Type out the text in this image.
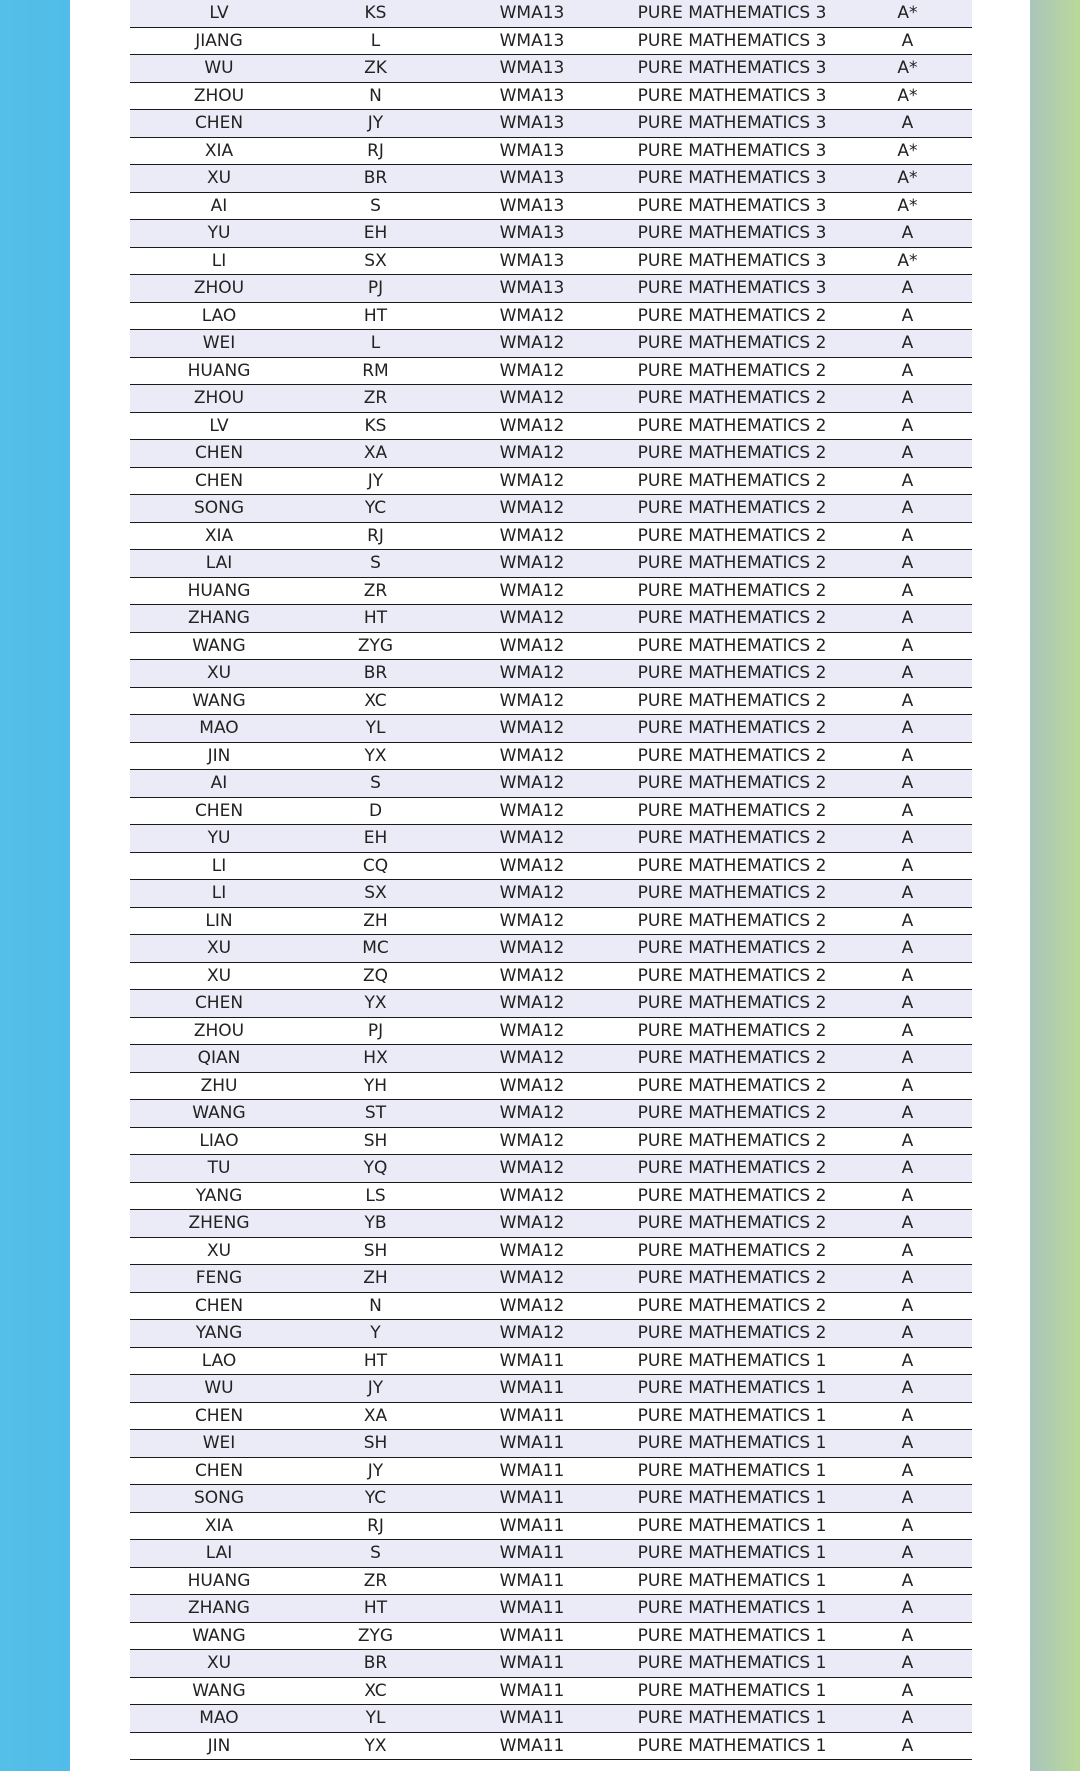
LV	KS	WMA13	PURE MATHEMATICS 3	A*
JIANG	L	WMA13	PURE MATHEMATICS 3	A
WU	ZK	WMA13	PURE MATHEMATICS 3	A*
ZHOU	N	WMA13	PURE MATHEMATICS 3	A*
CHEN	JY	WMA13	PURE MATHEMATICS 3	A
XIA	RJ	WMA13	PURE MATHEMATICS 3	A*
XU	BR	WMA13	PURE MATHEMATICS 3	A*
AI	S	WMA13	PURE MATHEMATICS 3	A*
YU	EH	WMA13	PURE MATHEMATICS 3	A
LI	SX	WMA13	PURE MATHEMATICS 3	A*
ZHOU	PJ	WMA13	PURE MATHEMATICS 3	A
LAO	HT	WMA12	PURE MATHEMATICS 2	A
WEI	L	WMA12	PURE MATHEMATICS 2	A
HUANG	RM	WMA12	PURE MATHEMATICS 2	A
ZHOU	ZR	WMA12	PURE MATHEMATICS 2	A
LV	KS	WMA12	PURE MATHEMATICS 2	A
CHEN	XA	WMA12	PURE MATHEMATICS 2	A
CHEN	JY	WMA12	PURE MATHEMATICS 2	A
SONG	YC	WMA12	PURE MATHEMATICS 2	A
XIA	RJ	WMA12	PURE MATHEMATICS 2	A
LAI	S	WMA12	PURE MATHEMATICS 2	A
HUANG	ZR	WMA12	PURE MATHEMATICS 2	A
ZHANG	HT	WMA12	PURE MATHEMATICS 2	A
WANG	ZYG	WMA12	PURE MATHEMATICS 2	A
XU	BR	WMA12	PURE MATHEMATICS 2	A
WANG	XC	WMA12	PURE MATHEMATICS 2	A
MAO	YL	WMA12	PURE MATHEMATICS 2	A
JIN	YX	WMA12	PURE MATHEMATICS 2	A
AI	S	WMA12	PURE MATHEMATICS 2	A
CHEN	D	WMA12	PURE MATHEMATICS 2	A
YU	EH	WMA12	PURE MATHEMATICS 2	A
LI	CQ	WMA12	PURE MATHEMATICS 2	A
LI	SX	WMA12	PURE MATHEMATICS 2	A
LIN	ZH	WMA12	PURE MATHEMATICS 2	A
XU	MC	WMA12	PURE MATHEMATICS 2	A
XU	ZQ	WMA12	PURE MATHEMATICS 2	A
CHEN	YX	WMA12	PURE MATHEMATICS 2	A
ZHOU	PJ	WMA12	PURE MATHEMATICS 2	A
QIAN	HX	WMA12	PURE MATHEMATICS 2	A
ZHU	YH	WMA12	PURE MATHEMATICS 2	A
WANG	ST	WMA12	PURE MATHEMATICS 2	A
LIAO	SH	WMA12	PURE MATHEMATICS 2	A
TU	YQ	WMA12	PURE MATHEMATICS 2	A
YANG	LS	WMA12	PURE MATHEMATICS 2	A
ZHENG	YB	WMA12	PURE MATHEMATICS 2	A
XU	SH	WMA12	PURE MATHEMATICS 2	A
FENG	ZH	WMA12	PURE MATHEMATICS 2	A
CHEN	N	WMA12	PURE MATHEMATICS 2	A
YANG	Y	WMA12	PURE MATHEMATICS 2	A
LAO	HT	WMA11	PURE MATHEMATICS 1	A
WU	JY	WMA11	PURE MATHEMATICS 1	A
CHEN	XA	WMA11	PURE MATHEMATICS 1	A
WEI	SH	WMA11	PURE MATHEMATICS 1	A
CHEN	JY	WMA11	PURE MATHEMATICS 1	A
SONG	YC	WMA11	PURE MATHEMATICS 1	A
XIA	RJ	WMA11	PURE MATHEMATICS 1	A
LAI	S	WMA11	PURE MATHEMATICS 1	A
HUANG	ZR	WMA11	PURE MATHEMATICS 1	A
ZHANG	HT	WMA11	PURE MATHEMATICS 1	A
WANG	ZYG	WMA11	PURE MATHEMATICS 1	A
XU	BR	WMA11	PURE MATHEMATICS 1	A
WANG	XC	WMA11	PURE MATHEMATICS 1	A
MAO	YL	WMA11	PURE MATHEMATICS 1	A
JIN	YX	WMA11	PURE MATHEMATICS 1	A
